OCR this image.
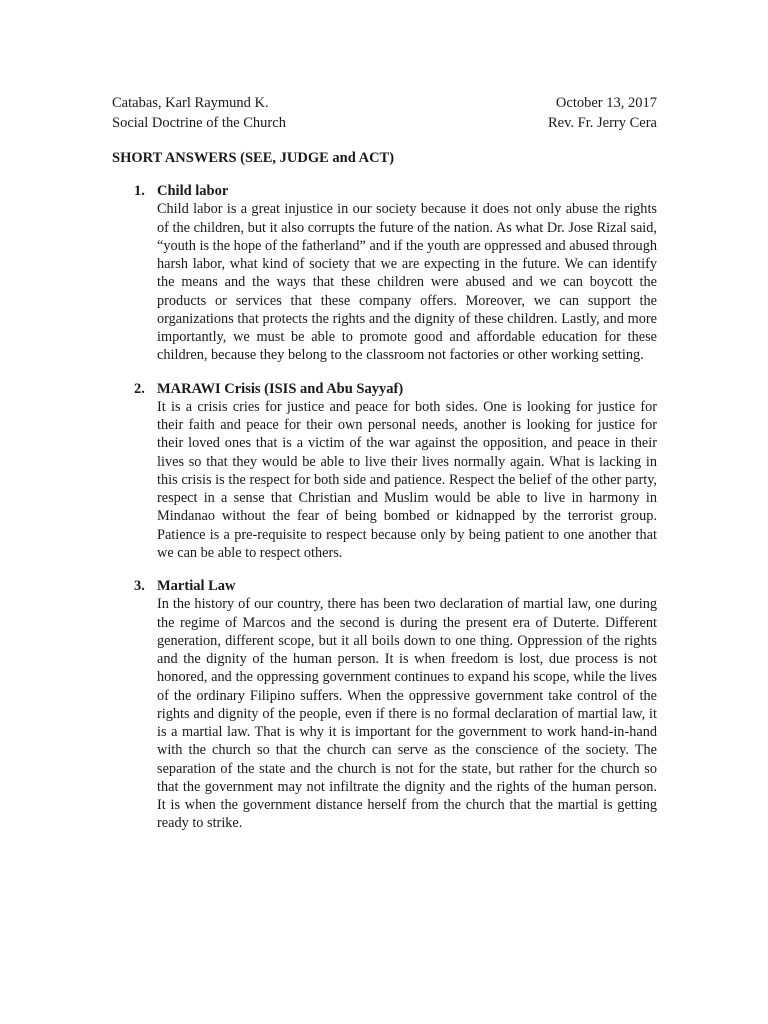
Catabas, Karl Raymund K.	October 13, 2017
Social Doctrine of the Church	Rev. Fr. Jerry Cera
SHORT ANSWERS (SEE, JUDGE and ACT)
1. Child labor

Child labor is a great injustice in our society because it does not only abuse the rights of the children, but it also corrupts the future of the nation. As what Dr. Jose Rizal said, “youth is the hope of the fatherland” and if the youth are oppressed and abused through harsh labor, what kind of society that we are expecting in the future. We can identify the means and the ways that these children were abused and we can boycott the products or services that these company offers. Moreover, we can support the organizations that protects the rights and the dignity of these children. Lastly, and more importantly, we must be able to promote good and affordable education for these children, because they belong to the classroom not factories or other working setting.

2. MARAWI Crisis (ISIS and Abu Sayyaf)

It is a crisis cries for justice and peace for both sides. One is looking for justice for their faith and peace for their own personal needs, another is looking for justice for their loved ones that is a victim of the war against the opposition, and peace in their lives so that they would be able to live their lives normally again. What is lacking in this crisis is the respect for both side and patience. Respect the belief of the other party, respect in a sense that Christian and Muslim would be able to live in harmony in Mindanao without the fear of being bombed or kidnapped by the terrorist group. Patience is a pre-requisite to respect because only by being patient to one another that we can be able to respect others.

3. Martial Law

In the history of our country, there has been two declaration of martial law, one during the regime of Marcos and the second is during the present era of Duterte. Different generation, different scope, but it all boils down to one thing. Oppression of the rights and the dignity of the human person. It is when freedom is lost, due process is not honored, and the oppressing government continues to expand his scope, while the lives of the ordinary Filipino suffers. When the oppressive government take control of the rights and dignity of the people, even if there is no formal declaration of martial law, it is a martial law. That is why it is important for the government to work hand-in-hand with the church so that the church can serve as the conscience of the society. The separation of the state and the church is not for the state, but rather for the church so that the government may not infiltrate the dignity and the rights of the human person. It is when the government distance herself from the church that the martial is getting ready to strike.
